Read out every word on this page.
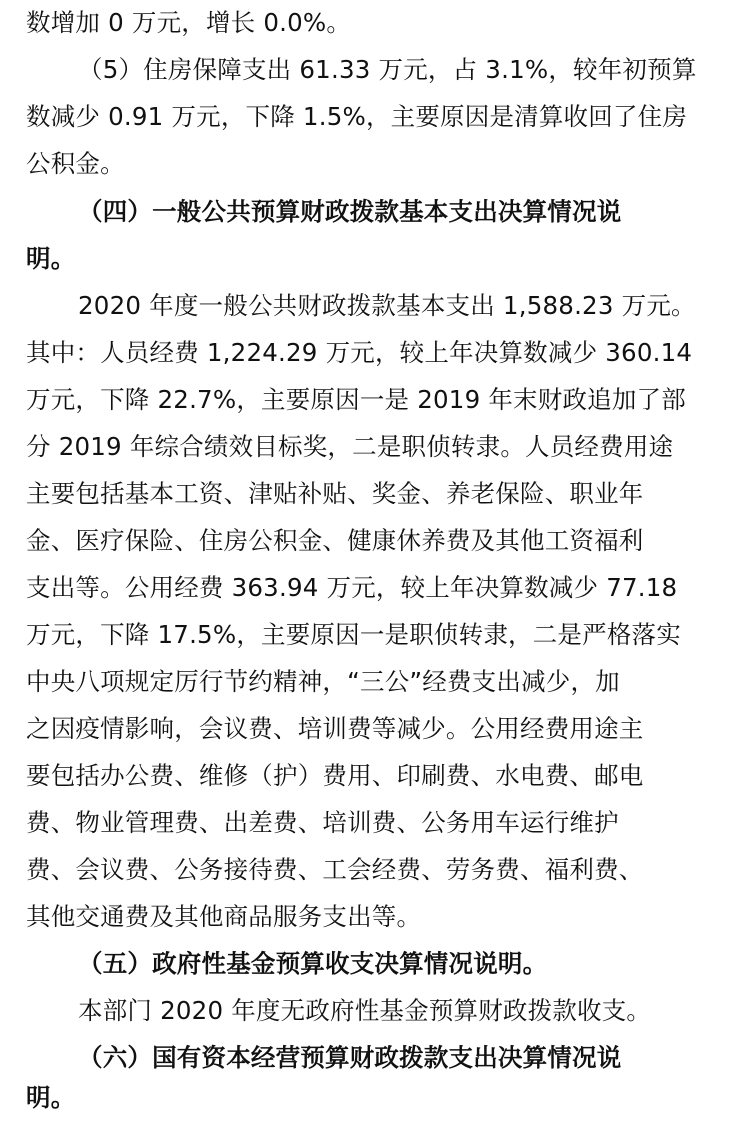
数增加 0 万元，增长 0.0%。
（5）住房保障支出 61.33 万元，占 3.1%，较年初预算
数减少 0.91 万元，下降 1.5%，主要原因是清算收回了住房
公积金。
（四）一般公共预算财政拨款基本支出决算情况说
明。
2020 年度一般公共财政拨款基本支出 1,588.23 万元。
其中：人员经费 1,224.29 万元，较上年决算数减少 360.14
万元，下降 22.7%，主要原因一是 2019 年末财政追加了部
分 2019 年综合绩效目标奖，二是职侦转隶。人员经费用途
主要包括基本工资、津贴补贴、奖金、养老保险、职业年
金、医疗保险、住房公积金、健康休养费及其他工资福利
支出等。公用经费 363.94 万元，较上年决算数减少 77.18
万元，下降 17.5%，主要原因一是职侦转隶，二是严格落实
中央八项规定厉行节约精神，“三公”经费支出减少，加
之因疫情影响，会议费、培训费等减少。公用经费用途主
要包括办公费、维修（护）费用、印刷费、水电费、邮电
费、物业管理费、出差费、培训费、公务用车运行维护
费、会议费、公务接待费、工会经费、劳务费、福利费、
其他交通费及其他商品服务支出等。
（五）政府性基金预算收支决算情况说明。
本部门 2020 年度无政府性基金预算财政拨款收支。
（六）国有资本经营预算财政拨款支出决算情况说
明。
